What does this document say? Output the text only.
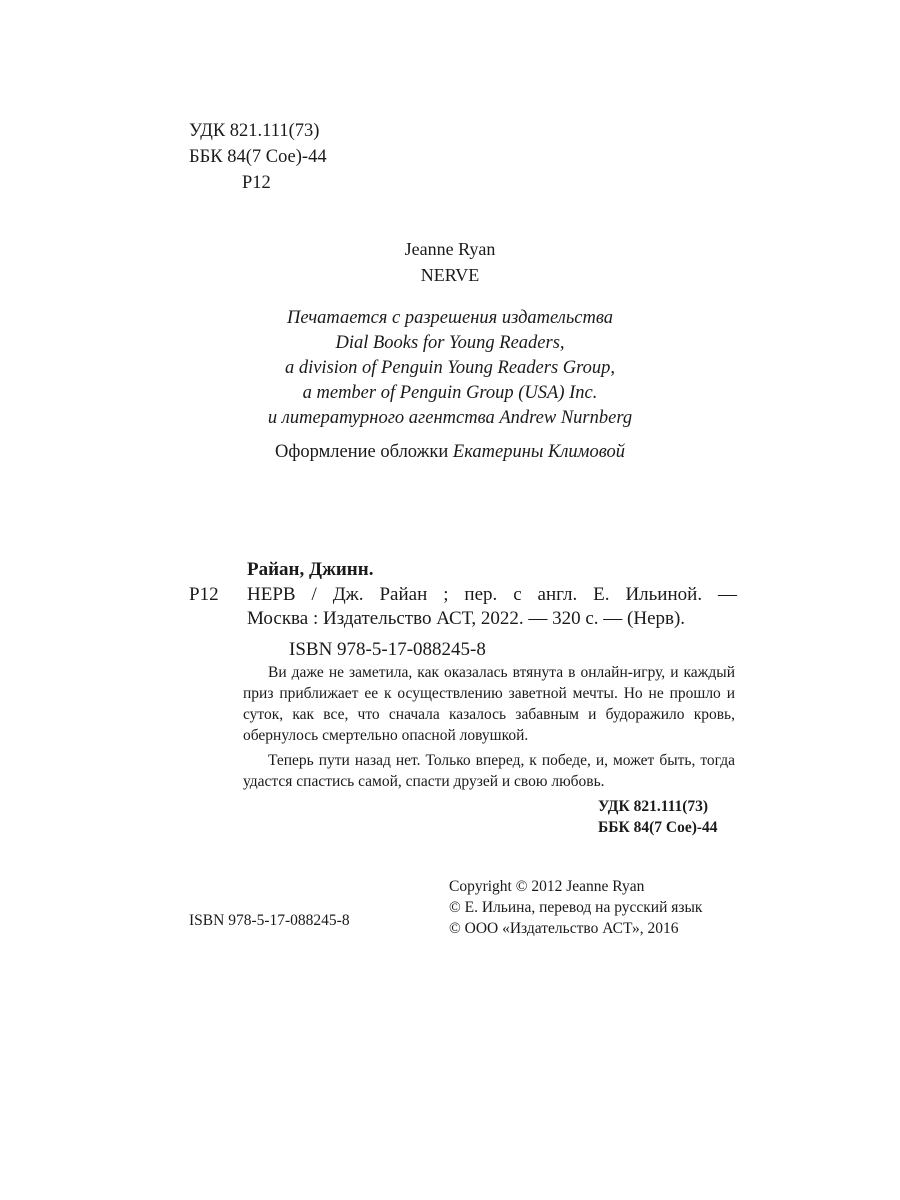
УДК 821.111(73)
ББК 84(7 Сое)-44
Р12
Jeanne Ryan
NERVE
Печатается с разрешения издательства
Dial Books for Young Readers,
a division of Penguin Young Readers Group,
a member of Penguin Group (USA) Inc.
и литературного агентства Andrew Nurnberg
Оформление обложки Екатерины Климовой
Райан, Джинн.
Р12 НЕРВ / Дж. Райан ; пер. с англ. Е. Ильиной. —
Москва : Издательство АСТ, 2022. — 320 с. — (Нерв).
ISBN 978-5-17-088245-8

Ви даже не заметила, как оказалась втянута в онлайн-игру, и каждый приз приближает ее к осуществлению заветной мечты. Но не прошло и суток, как все, что сначала казалось забавным и будоражило кровь, обернулось смертельно опасной ловушкой.

Теперь пути назад нет. Только вперед, к победе, и, может быть, тогда удастся спастись самой, спасти друзей и свою любовь.

УДК 821.111(73)
ББК 84(7 Сое)-44
ISBN 978-5-17-088245-8
Copyright © 2012 Jeanne Ryan
© Е. Ильина, перевод на русский язык
© ООО «Издательство АСТ», 2016
